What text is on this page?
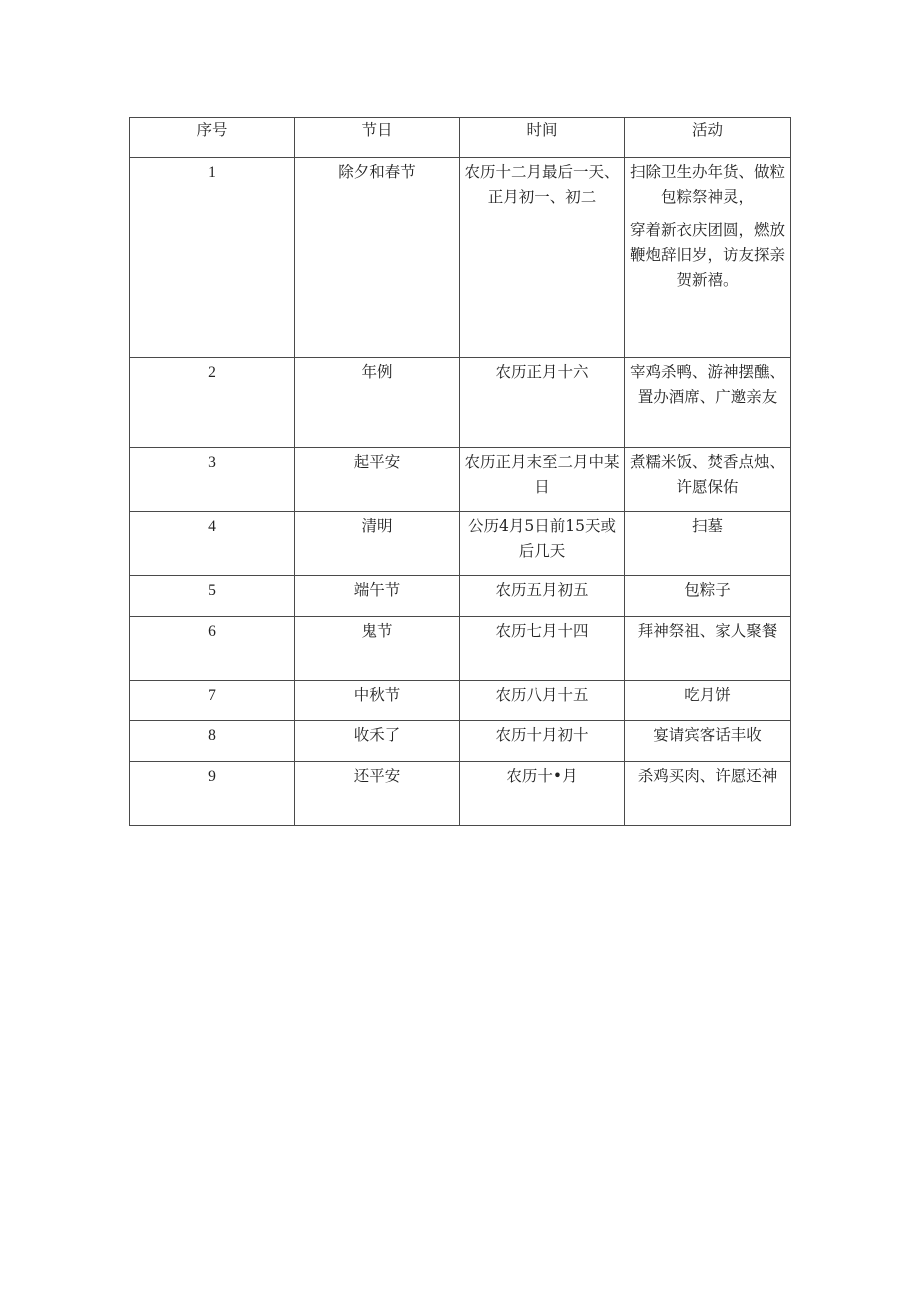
序号	节日	时间	活动
1	除夕和春节	农历十二月最后一天、正月初一、初二	扫除卫生办年货、做粒包粽祭神灵，
穿着新衣庆团圆，燃放鞭炮辞旧岁，访友探亲贺新禧。

2	年例	农历正月十六	宰鸡杀鸭、游神摆醮、置办酒席、广邀亲友

3	起平安	农历正月末至二月中某日	煮糯米饭、焚香点烛、许愿保佑

4	清明	公历4月5日前15天或后几天	扫墓

5	端午节	农历五月初五	包粽子

6	鬼节	农历七月十四	拜神祭祖、家人聚餐

7	中秋节	农历八月十五	吃月饼

8	收禾了	农历十月初十	宴请宾客话丰收

9	还平安	农历十•月	杀鸡买肉、许愿还神
